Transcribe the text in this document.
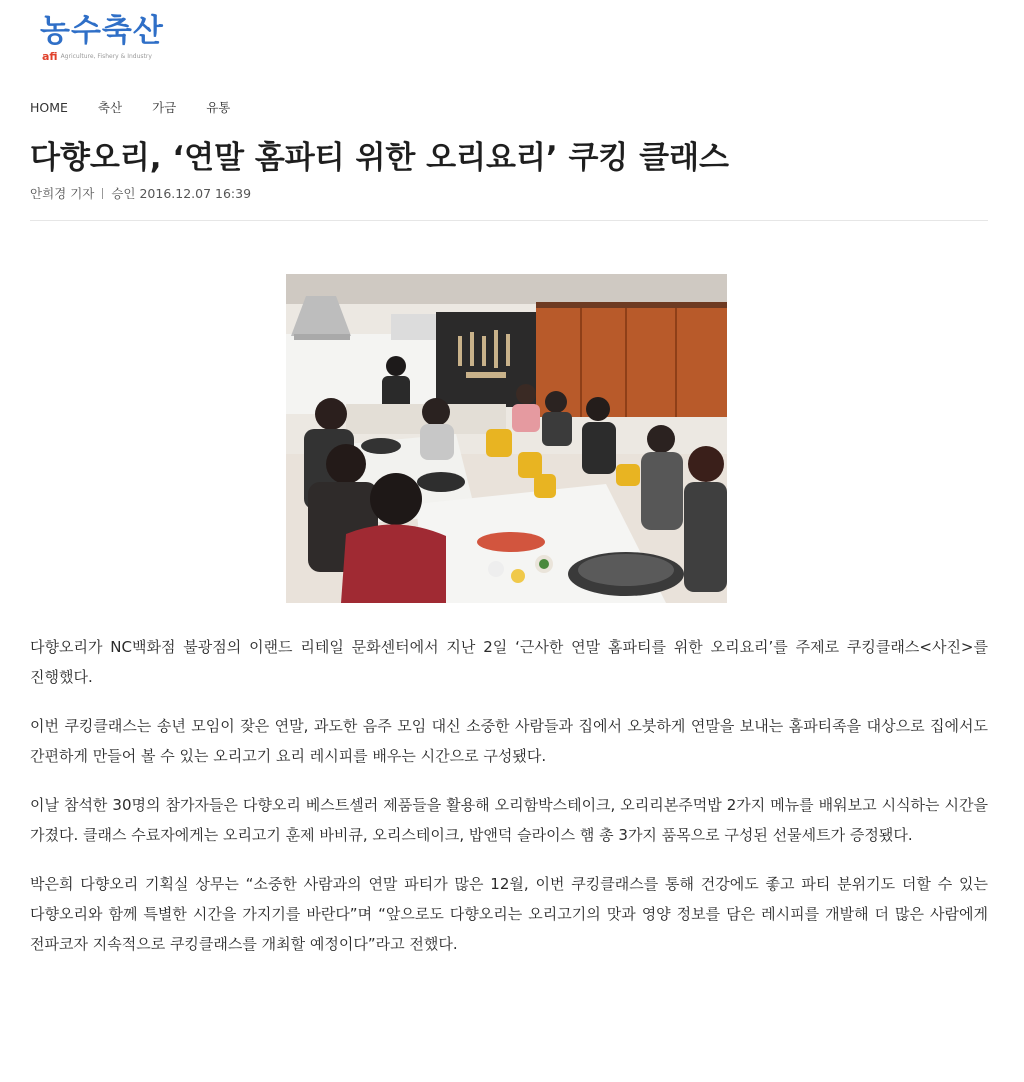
농수축산
afi Agriculture, Fishery & Industry
HOME 축산 가금 유통
다향오리, ‘연말 홈파티 위한 오리요리’ 쿠킹 클래스
안희경 기자 승인 2016.12.07 16:39

다향오리가 NC백화점 불광점의 이랜드 리테일 문화센터에서 지난 2일 ‘근사한 연말 홈파티를 위한 오리요리’를 주제로 쿠킹클래스<사진>를 진행했다.

이번 쿠킹클래스는 송년 모임이 잦은 연말, 과도한 음주 모임 대신 소중한 사람들과 집에서 오붓하게 연말을 보내는 홈파티족을 대상으로 집에서도 간편하게 만들어 볼 수 있는 오리고기 요리 레시피를 배우는 시간으로 구성됐다.

이날 참석한 30명의 참가자들은 다향오리 베스트셀러 제품들을 활용해 오리함박스테이크, 오리리본주먹밥 2가지 메뉴를 배워보고 시식하는 시간을 가졌다. 클래스 수료자에게는 오리고기 훈제 바비큐, 오리스테이크, 밥앤덕 슬라이스 햄 총 3가지 품목으로 구성된 선물세트가 증정됐다.

박은희 다향오리 기획실 상무는 “소중한 사람과의 연말 파티가 많은 12월, 이번 쿠킹클래스를 통해 건강에도 좋고 파티 분위기도 더할 수 있는 다향오리와 함께 특별한 시간을 가지기를 바란다”며 “앞으로도 다향오리는 오리고기의 맛과 영양 정보를 담은 레시피를 개발해 더 많은 사람에게 전파코자 지속적으로 쿠킹클래스를 개최할 예정이다”라고 전했다.
